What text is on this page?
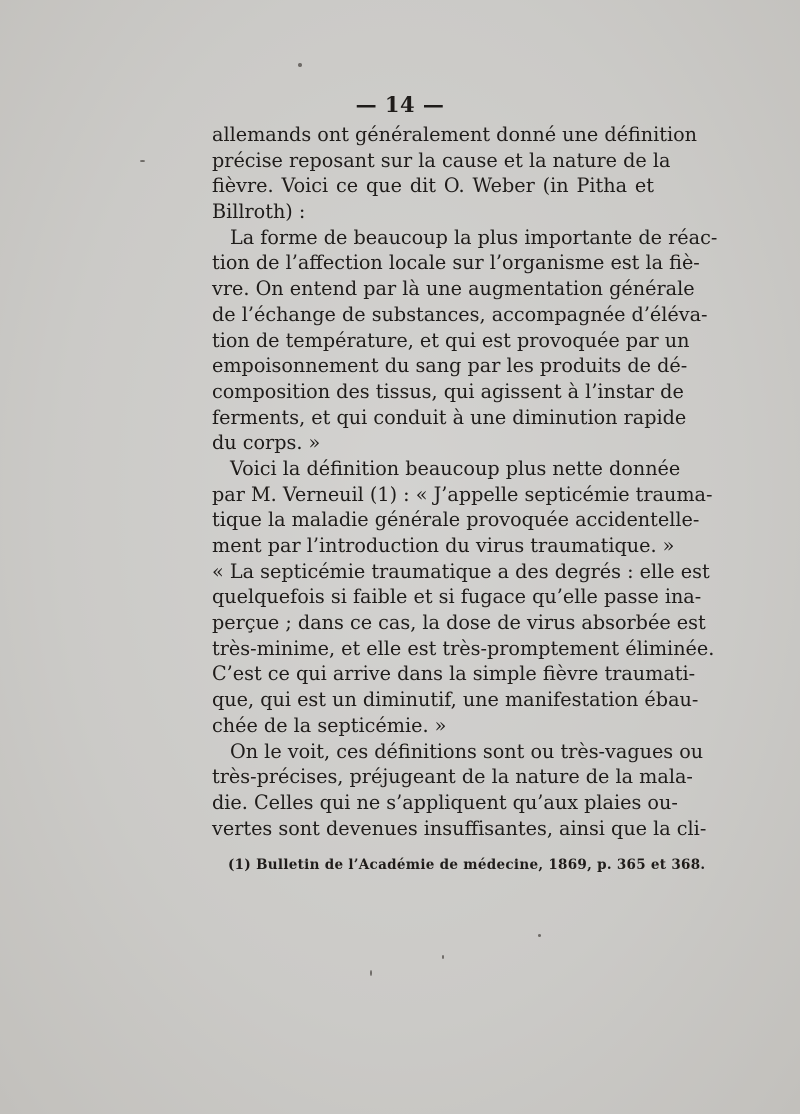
— 14 —
allemands ont généralement donné une définition
précise reposant sur la cause et la nature de la
fièvre. Voici ce que dit O. Weber (in Pitha et
Billroth) :
La forme de beaucoup la plus importante de réac-
tion de l’affection locale sur l’organisme est la fiè-
vre. On entend par là une augmentation générale
de l’échange de substances, accompagnée d’éléva-
tion de température, et qui est provoquée par un
empoisonnement du sang par les produits de dé-
composition des tissus, qui agissent à l’instar de
ferments, et qui conduit à une diminution rapide
du corps. »
Voici la définition beaucoup plus nette donnée
par M. Verneuil (1) : « J’appelle septicémie trauma-
tique la maladie générale provoquée accidentelle-
ment par l’introduction du virus traumatique. »
« La septicémie traumatique a des degrés : elle est
quelquefois si faible et si fugace qu’elle passe ina-
perçue ; dans ce cas, la dose de virus absorbée est
très-minime, et elle est très-promptement éliminée.
C’est ce qui arrive dans la simple fièvre traumati-
que, qui est un diminutif, une manifestation ébau-
chée de la septicémie. »
On le voit, ces définitions sont ou très-vagues ou
très-précises, préjugeant de la nature de la mala-
die. Celles qui ne s’appliquent qu’aux plaies ou-
vertes sont devenues insuffisantes, ainsi que la cli-
(1) Bulletin de l’Académie de médecine, 1869, p. 365 et 368.
